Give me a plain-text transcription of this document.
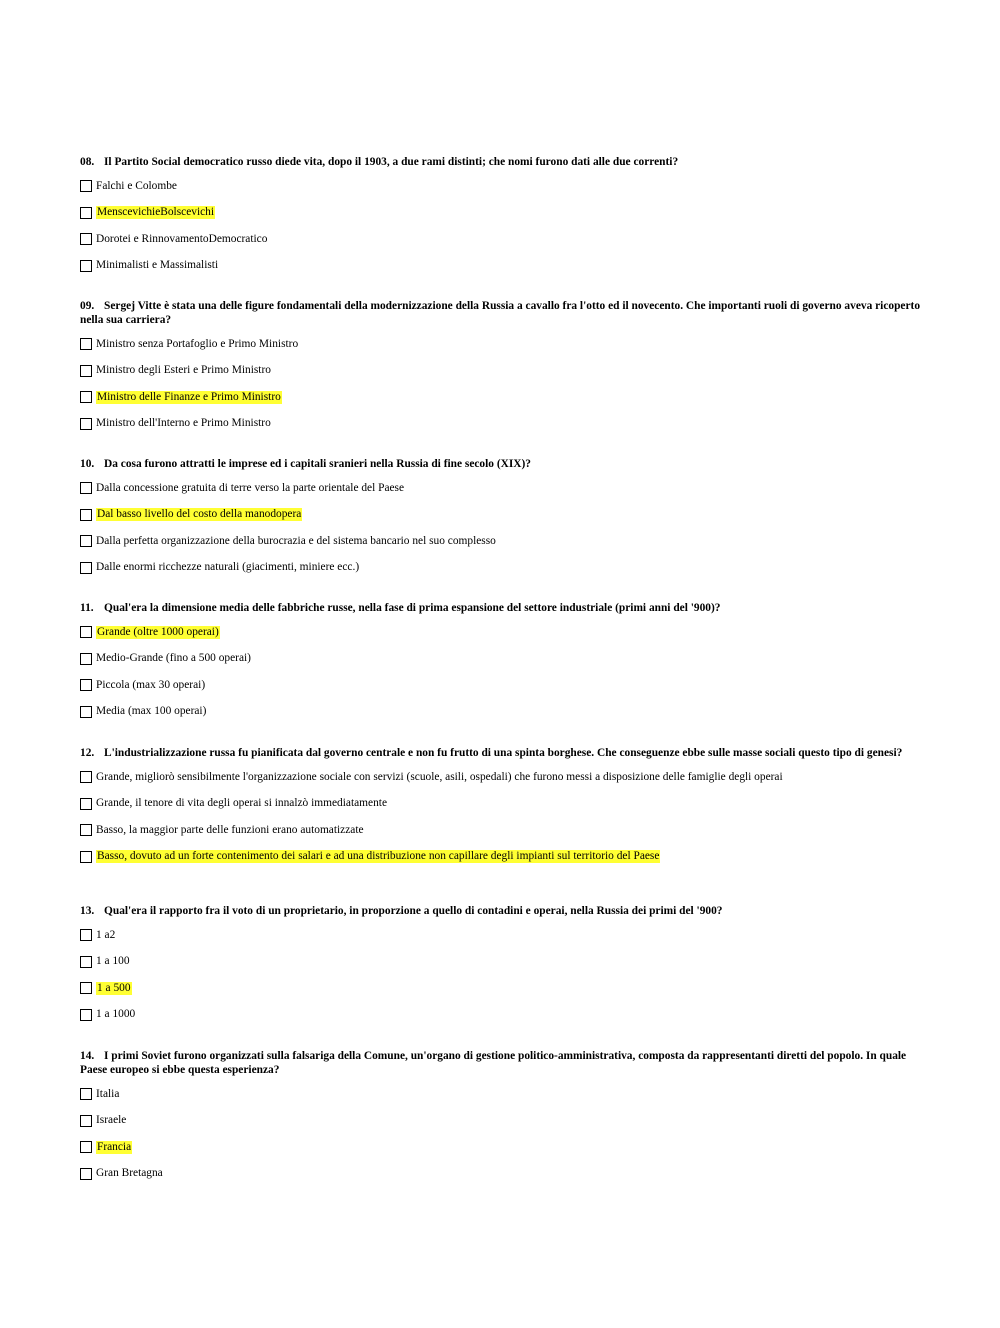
08. Il Partito Social democratico russo diede vita, dopo il 1903, a due rami distinti; che nomi furono dati alle due correnti?

Falchi e Colombe
MenscevichieBolscevichi
Dorotei e RinnovamentoDemocratico
Minimalisti e Massimalisti

09. Sergej Vitte è stata una delle figure fondamentali della modernizzazione della Russia a cavallo fra l'otto ed il novecento. Che importanti ruoli di governo aveva ricoperto nella sua carriera?

Ministro senza Portafoglio e Primo Ministro
Ministro degli Esteri e Primo Ministro
Ministro delle Finanze e Primo Ministro
Ministro dell'Interno e Primo Ministro

10. Da cosa furono attratti le imprese ed i capitali sranieri nella Russia di fine secolo (XIX)?

Dalla concessione gratuita di terre verso la parte orientale del Paese
Dal basso livello del costo della manodopera
Dalla perfetta organizzazione della burocrazia e del sistema bancario nel suo complesso
Dalle enormi ricchezze naturali (giacimenti, miniere ecc.)

11. Qual'era la dimensione media delle fabbriche russe, nella fase di prima espansione del settore industriale (primi anni del '900)?

Grande (oltre 1000 operai)
Medio-Grande (fino a 500 operai)
Piccola (max 30 operai)
Media (max 100 operai)

12. L'industrializzazione russa fu pianificata dal governo centrale e non fu frutto di una spinta borghese. Che conseguenze ebbe sulle masse sociali questo tipo di genesi?

Grande, migliorò sensibilmente l'organizzazione sociale con servizi (scuole, asili, ospedali) che furono messi a disposizione delle famiglie degli operai
Grande, il tenore di vita degli operai si innalzò immediatamente
Basso, la maggior parte delle funzioni erano automatizzate
Basso, dovuto ad un forte contenimento dei salari e ad una distribuzione non capillare degli impianti sul territorio del Paese

13. Qual'era il rapporto fra il voto di un proprietario, in proporzione a quello di contadini e operai, nella Russia dei primi del '900?

1 a2
1 a 100
1 a 500
1 a 1000

14. I primi Soviet furono organizzati sulla falsariga della Comune, un'organo di gestione politico-amministrativa, composta da rappresentanti diretti del popolo. In quale Paese europeo si ebbe questa esperienza?

Italia
Israele
Francia
Gran Bretagna
